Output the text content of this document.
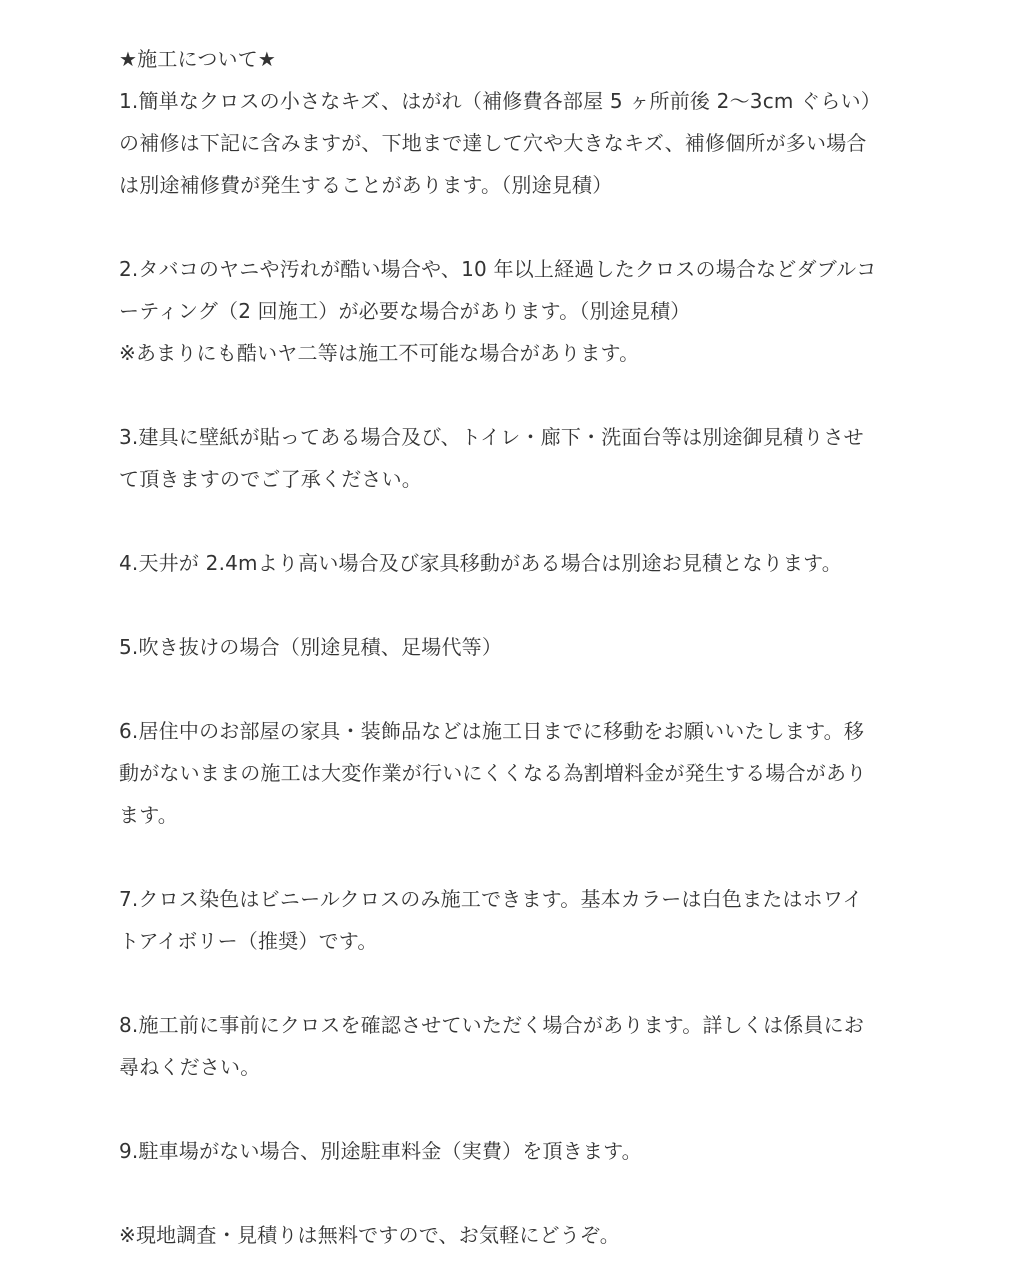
★施工について★
1.簡単なクロスの小さなキズ、はがれ（補修費各部屋 5 ヶ所前後 2〜3cm ぐらい）
の補修は下記に含みますが、下地まで達して穴や大きなキズ、補修個所が多い場合
は別途補修費が発生することがあります。（別途見積）
2.タバコのヤニや汚れが酷い場合や、10 年以上経過したクロスの場合などダブルコ
ーティング（2 回施工）が必要な場合があります。（別途見積）
※あまりにも酷いヤ二等は施工不可能な場合があります。
3.建具に壁紙が貼ってある場合及び、トイレ・廊下・洗面台等は別途御見積りさせ
て頂きますのでご了承ください。
4.天井が 2.4mより高い場合及び家具移動がある場合は別途お見積となります。
5.吹き抜けの場合（別途見積、足場代等）
6.居住中のお部屋の家具・装飾品などは施工日までに移動をお願いいたします。移
動がないままの施工は大変作業が行いにくくなる為割増料金が発生する場合があり
ます。
7.クロス染色はビニールクロスのみ施工できます。基本カラーは白色またはホワイ
トアイボリー（推奨）です。
8.施工前に事前にクロスを確認させていただく場合があります。詳しくは係員にお
尋ねください。
9.駐車場がない場合、別途駐車料金（実費）を頂きます。
※現地調査・見積りは無料ですので、お気軽にどうぞ。
